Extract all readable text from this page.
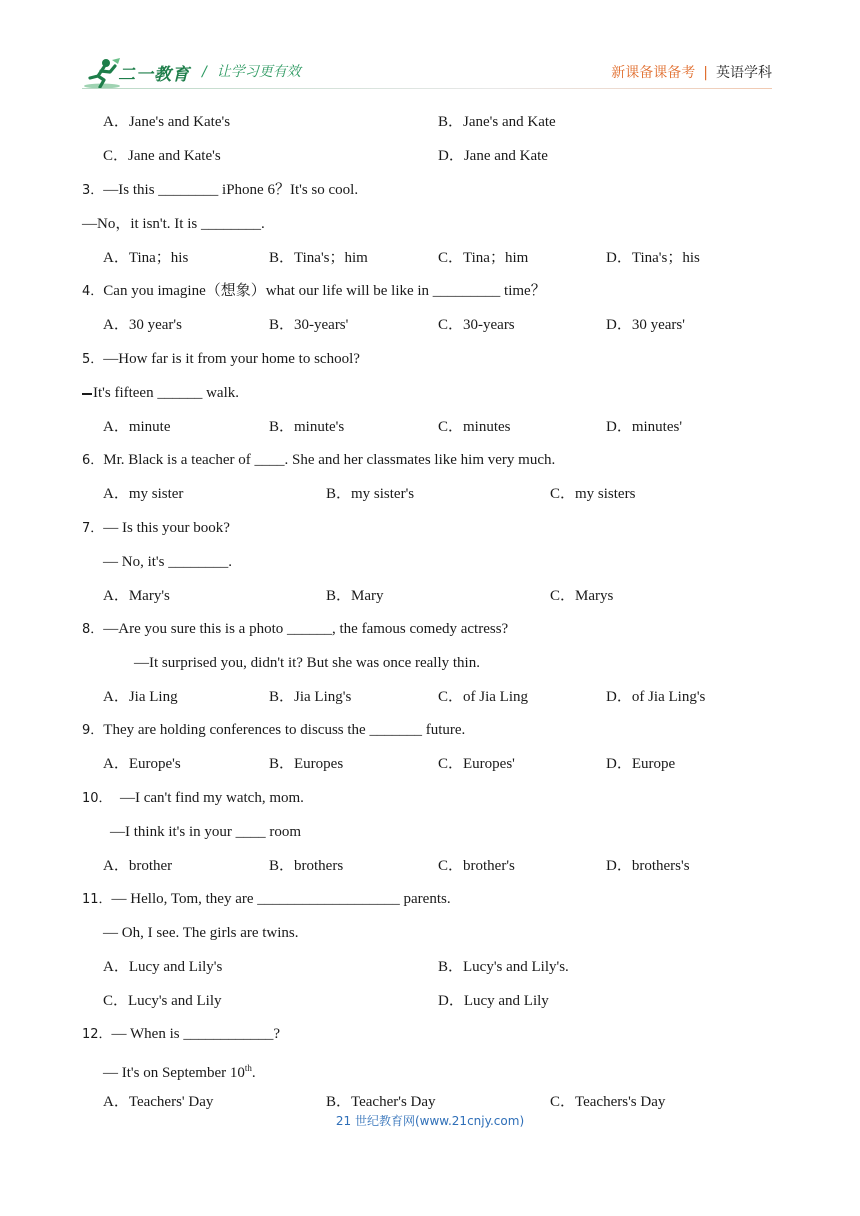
二一教育 / 让学习更有效	新课备课备考 | 英语学科
A．Jane's and Kate's	B．Jane's and Kate
C．Jane and Kate's	D．Jane and Kate
3．—Is this ________ iPhone 6？It's so cool.
—No，it isn't. It is ________.
A．Tina；his	B．Tina's；him	C．Tina；him	D．Tina's；his
4．Can you imagine（想象）what our life will be like in _________ time？
A．30 year's	B．30-years'	C．30-years	D．30 years'
5．—How far is it from your home to school?
It's fifteen ______ walk.
A．minute	B．minute's	C．minutes	D．minutes'
6．Mr. Black is a teacher of ____. She and her classmates like him very much.
A．my sister	B．my sister's	C．my sisters
7．— Is this your book?
— No, it's ________.
A．Mary's	B．Mary	C．Marys
8．—Are you sure this is a photo ______, the famous comedy actress?
—It surprised you, didn't it? But she was once really thin.
A．Jia Ling	B．Jia Ling's	C．of Jia Ling	D．of Jia Ling's
9．They are holding conferences to discuss the _______ future.
A．Europe's	B．Europes	C．Europes'	D．Europe
10． —I can't find my watch, mom.
—I think it's in your ____ room
A．brother	B．brothers	C．brother's	D．brothers's
11．— Hello, Tom, they are ___________________ parents.
— Oh, I see. The girls are twins.
A．Lucy and Lily's	B．Lucy's and Lily's.
C．Lucy's and Lily	D．Lucy and Lily
12．— When is ____________?
— It's on September 10th.
A．Teachers' Day	B．Teacher's Day	C．Teachers's Day
21 世纪教育网(www.21cnjy.com)
